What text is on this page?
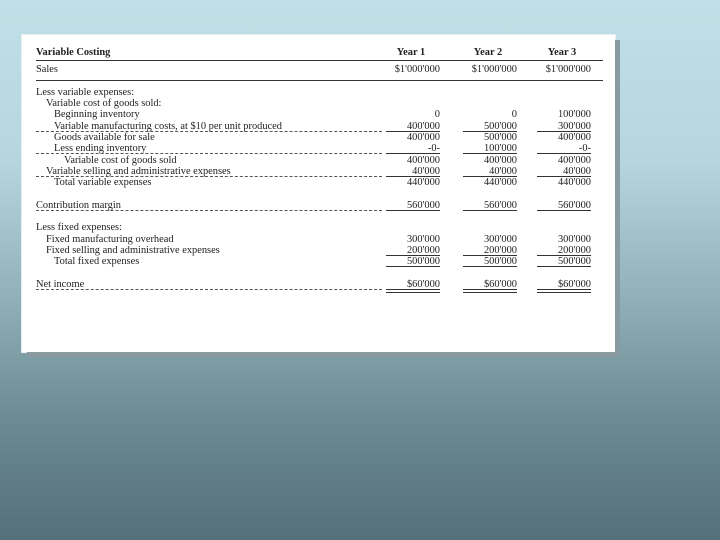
Variable Costing	Year 1	Year 2	Year 3
Sales	$1'000'000	$1'000'000	$1'000'000
Less variable expenses:
Variable cost of goods sold:
Beginning inventory	0	0	100'000
Variable manufacturing costs, at $10 per unit produced	400'000	500'000	300'000
Goods available for sale	400'000	500'000	400'000
Less ending inventory	-0-	100'000	-0-
Variable cost of goods sold	400'000	400'000	400'000
Variable selling and administrative expenses	40'000	40'000	40'000
Total variable expenses	440'000	440'000	440'000
Contribution margin	560'000	560'000	560'000
Less fixed expenses:
Fixed manufacturing overhead	300'000	300'000	300'000
Fixed selling and administrative expenses	200'000	200'000	200'000
Total fixed expenses	500'000	500'000	500'000
Net income	$60'000	$60'000	$60'000
